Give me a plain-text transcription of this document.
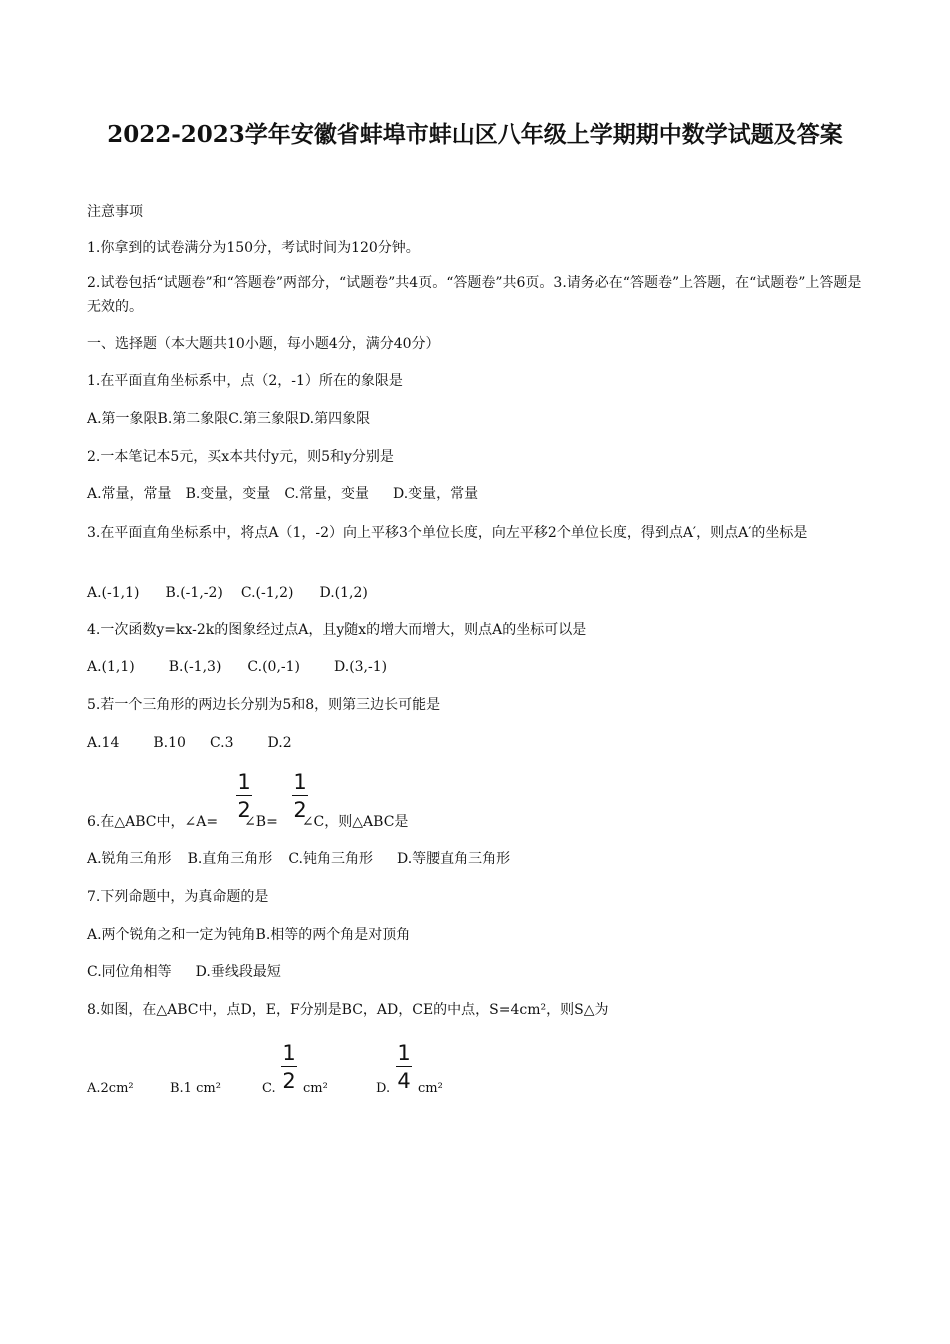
2022-2023学年安徽省蚌埠市蚌山区八年级上学期期中数学试题及答案
注意事项
1.你拿到的试卷满分为150分，考试时间为120分钟。
2.试卷包括“试题卷”和“答题卷”两部分，“试题卷”共4页。“答题卷”共6页。3.请务必在“答题卷”上答题，在“试题卷”上答题是无效的。
一、选择题（本大题共10小题，每小题4分，满分40分）
1.在平面直角坐标系中，点（2，-1）所在的象限是
A.第一象限B.第二象限C.第三象限D.第四象限
2.一本笔记本5元，买x本共付y元，则5和y分别是
A.常量，常量 B.变量，变量 C.常量，变量 D.变量，常量
3.在平面直角坐标系中，将点A（1，-2）向上平移3个单位长度，向左平移2个单位长度，得到点A′，则点A′的坐标是
A.(-1,1) B.(-1,-2) C.(-1,2) D.(1,2)
4.一次函数y=kx-2k的图象经过点A，且y随x的增大而增大，则点A的坐标可以是
A.(1,1) B.(-1,3) C.(0,-1) D.(3,-1)
5.若一个三角形的两边长分别为5和8，则第三边长可能是
A.14 B.10 C.3 D.2
1
2
1
2
6.在△ABC中，∠A= ∠B= ∠C，则△ABC是
A.锐角三角形 B.直角三角形 C.钝角三角形 D.等腰直角三角形
7.下列命题中，为真命题的是
A.两个锐角之和一定为钝角B.相等的两个角是对顶角
C.同位角相等 D.垂线段最短
8.如图，在△ABC中，点D，E，F分别是BC，AD，CE的中点，S=4cm²，则S△为
A.2cm²	B.1 cm²	C.
1
2 cm²	D.
1
4 cm²
